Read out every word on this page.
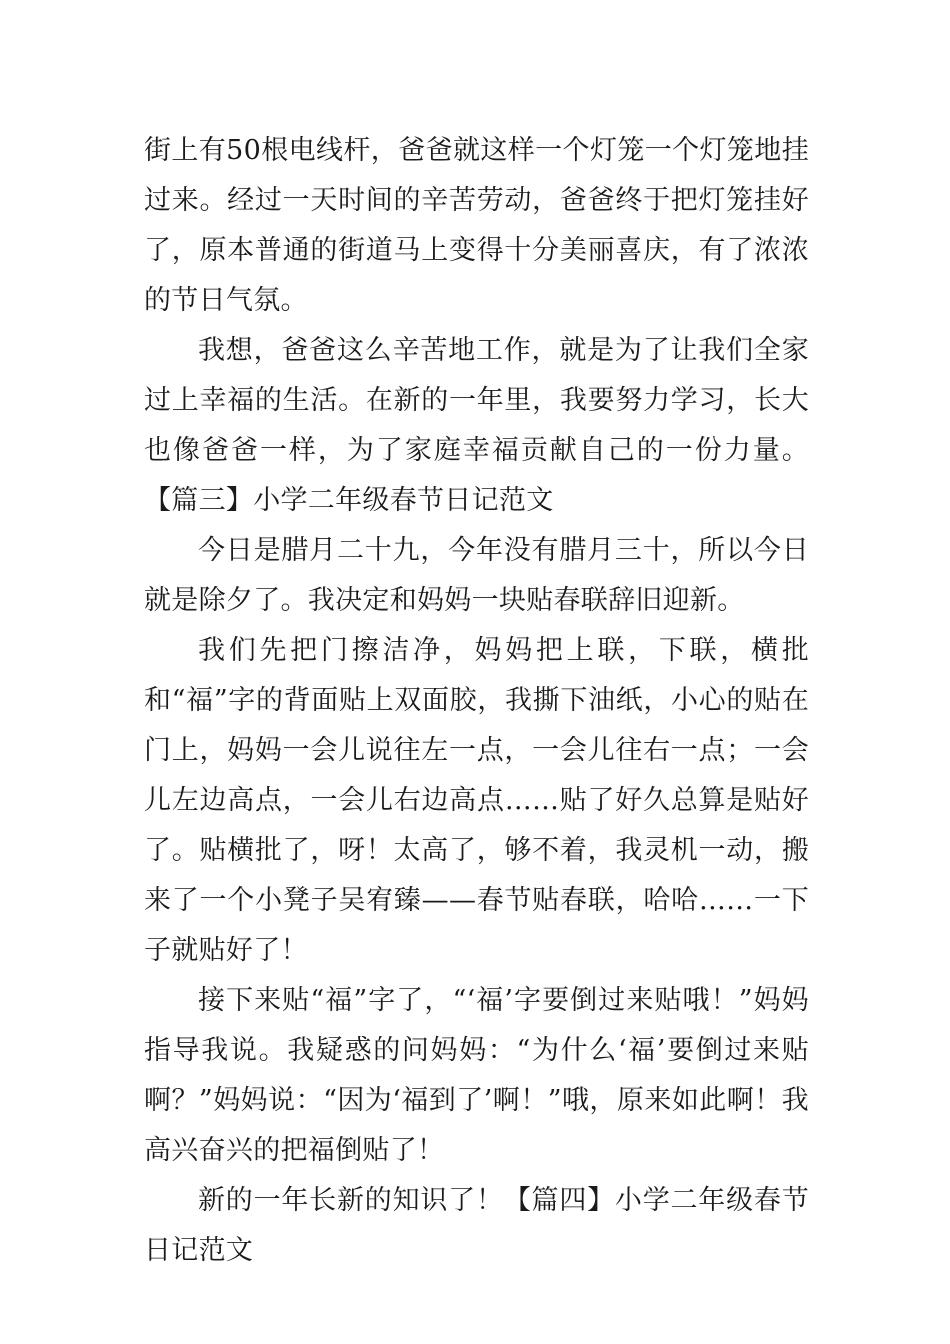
街上有50根电线杆，爸爸就这样一个灯笼一个灯笼地挂过来。经过一天时间的辛苦劳动，爸爸终于把灯笼挂好了，原本普通的街道马上变得十分美丽喜庆，有了浓浓的节日气氛。

我想，爸爸这么辛苦地工作，就是为了让我们全家过上幸福的生活。在新的一年里，我要努力学习，长大也像爸爸一样，为了家庭幸福贡献自己的一份力量。【篇三】小学二年级春节日记范文

今日是腊月二十九，今年没有腊月三十，所以今日就是除夕了。我决定和妈妈一块贴春联辞旧迎新。

我们先把门擦洁净，妈妈把上联，下联，横批和“福”字的背面贴上双面胶，我撕下油纸，小心的贴在门上，妈妈一会儿说往左一点，一会儿往右一点；一会儿左边高点，一会儿右边高点……贴了好久总算是贴好了。贴横批了，呀！太高了，够不着，我灵机一动，搬来了一个小凳子吴宥臻——春节贴春联，哈哈……一下子就贴好了！

接下来贴“福”字了，“‘福’字要倒过来贴哦！”妈妈指导我说。我疑惑的问妈妈：“为什么‘福’要倒过来贴啊？”妈妈说：“因为‘福到了’啊！”哦，原来如此啊！我高兴奋兴的把福倒贴了！

新的一年长新的知识了！【篇四】小学二年级春节日记范文
